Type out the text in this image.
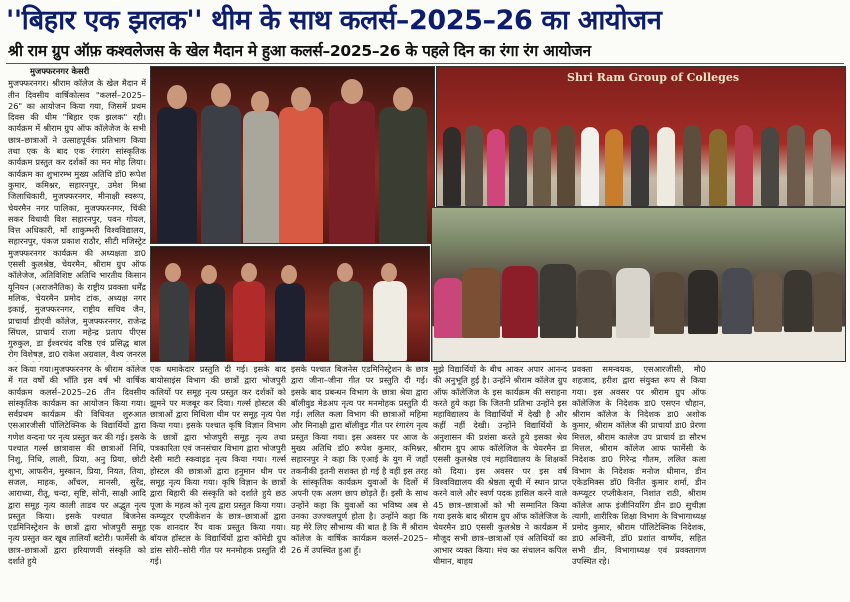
''बिहार एक झलक'' थीम के साथ कलर्स–2025–26 का आयोजन
श्री राम ग्रुप ऑफ़ कश्वलेजस के खेल मैदान मे हुआ कलर्स–2025–26 के पहले दिन का रंगा रंग आयोजन
मुजफ्फरनगर केसरी

मुजफ्फरनगर। श्रीराम कॉलेज के खेल मैदान में तीन दिवसीय वार्षिकोत्सव "कलर्स–2025–26" का आयोजन किया गया, जिसमें प्रथम दिवस की थीम "बिहार एक झलक" रही। कार्यक्रम में श्रीराम ग्रुप ऑफ कॉलेजेज के सभी छात्र–छात्राओं ने उत्साहपूर्वक प्रतिभाग किया तथा एक के बाद एक रंगारंग सांस्कृतिक कार्यक्रम प्रस्तुत कर दर्शकों का मन मोह लिया। कार्यक्रम का शुभारम्भ मुख्य अतिथि डॉ0 रूपेश कुमार, कमिश्नर, सहारनपुर, उमेश मिश्रा जिलाधिकारी, मुजफ्फरनगर, मीनाक्षी स्वरूप, चेयरमैन नगर पालिका, मुजफ्फरनगर, चिंकी सकर विधायी विश सहारनपुर, पवन गोयल, वित्त अधिकारी, माँ शाकुम्भरी विश्वविद्यालय, सहारनपुर, पंकज प्रकाश राठौर, सीटी मजिस्ट्रेट मुजफ्फरनगर कार्यक्रम की अध्यक्षता डा0 एससी कुलश्रेष्ठ, चेयरमैन, श्रीराम ग्रुप ऑफ कॉलेजेज, अतिविशिष्ट अतिथि भारतीय किसान यूनियन (अराजनैतिक) के राष्ट्रीय प्रवक्ता धर्मेंद्र मलिक, चेयरमैन प्रमोद टांक, अध्यक्ष नगर इकाई, मुजफ्फरनगर, राष्ट्रीय सचिव जैन, प्राचार्या डीएवी कॉलेज, मुजफ्फरनगर, राजेन्द्र सिंघल, प्राचार्य राजा महेन्द्र प्रताप पीएस गुरुकुल, डा ईश्वरचंद वरिष्ठ एवं प्रसिद्ध बाल रोग विशेषज्ञ, डा0 राकेश अग्रवाल, वैश्य जनरल

Shri Ram Group of Colleges

कर किया गया।मुजफ्फरनगर के श्रीराम कॉलेज में गत वर्षों की भाँति इस वर्ष भी वार्षिक कार्यक्रम कलर्स–2025–26 तीन दिवसीय सांस्कृतिक कार्यक्रम का आयोजन किया गया। सर्वप्रथम कार्यक्रम की विधिवत शुरुआत एसआरजीसी पॉलिटेक्निक के विद्यार्थियों द्वारा गणेश वन्दना पर नृत्य प्रस्तुत कर की गई। इसके पश्चात गर्ल्स छात्रावास की छात्राओं निधि, निशु, निधि, लाली, प्रिया, अनु प्रिया, छोटी शुभा, आफरीन, मुस्कान, प्रिया, नियत, तिया, सजल, माहक, आँचल, मानसी, सुरेंद्र, आराध्या, रीतू, चन्दा, सृष्टि, सोनी, साक्षी आदि द्वारा समूह नृत्य काली ताडव पर अद्भुत नृत्य प्रस्तुत किया। इसके पश्चात बिजनेस एडमिनिस्ट्रेशन के छात्रों द्वारा भोजपुरी समूह नृत्य प्रस्तुत कर खूब तालियाँ बटोरी। फार्मेसी के छात्र–छात्राओं द्वारा हरियाणवी संस्कृति को दर्शाते हुये

एक धमाकेदार प्रस्तुति दी गई। इसके बाद बायोसाइंस विभाग की छात्रों द्वारा भोजपुरी कलियों पर समूह नृत्य प्रस्तुत कर दर्शकों को झूमने पर मजबूर कर दिया। गर्ल्स होस्टल की छात्राओं द्वारा मिथिला थीम पर समूह नृत्य पेश किया गया। इसके पश्चात कृषि विज्ञान विभाग के छात्रों द्वारा भोजपुरी समूह नृत्य तथा पत्रकारिता एवं जनसंचार विभाग द्वारा भोजपुरी देसी माटी स्कवाइड नृत्य किया गया। गर्ल्स होस्टल की छात्राओं द्वारा हनुमान थीम पर समूह नृत्य किया गया। कृषि विज्ञान के छात्रों द्वारा बिहारी की संस्कृति को दर्शाते हुये छठ पूजा के महत्व को नृत्य द्वारा प्रस्तुत किया गया। कम्प्यूटर एप्लीकेशन के छात्र–छात्राओं द्वारा एक शानदार रैंप वाक प्रस्तुत किया गया। बॉयज हॉस्टल के विद्यार्थियों द्वारा कॉमेडी ग्रुप डांस सोरी–सोरी गीत पर मनमोहक प्रस्तुति दी गई।

इसके पश्चात बिजनेस एडमिनिस्ट्रेशन के छात्र द्वारा जीना–जीना गीत पर प्रस्तुति दी गई। इसके बाद प्रबन्धन विभाग के छात्रा श्रेया द्वारा बॉलीवुड मेडअप नृत्य पर मनमोहक प्रस्तुति दी गई। ललित कला विभाग की छात्राओं महिमा और मिनाक्षी द्वारा बॉलीवुड गीत पर रंगारंग नृत्य प्रस्तुत किया गया। इस अवसर पर आज के मुख्य अतिथि डॉ0 रूपेश कुमार, कमिश्नर, सहारनपुर ने कहा कि एआई के युग में जहाँ तकनीकी इतनी सशक्त हो गई है वहीं इस तरह के सांस्कृतिक कार्यक्रम युवाओं के दिलों में अपनी एक अलग छाप छोड़ते हैं। इसी के साथ उन्होंने कहा कि युवाओं का भविष्य अब से उनका उज्ज्वलपूर्ण होता है। उन्होंने कहा कि यह मेरे लिए सौभाग्य की बात है कि मैं श्रीराम कॉलेज के वार्षिक कार्यक्रम कलर्स–2025–26 में उपस्थित हुआ हूँ।

मुझे विद्यार्थियों के बीच आकर अपार आनन्द की अनुभूति हुई है। उन्होंने श्रीराम कॉलेज ग्रुप ऑफ कॉलेजिज के इस कार्यक्रम की सराहना करते हुये कहा कि जितनी प्रतिभा उन्होंने इस महाविद्यालय के विद्यार्थियों में देखी है और कहीं नहीं देखी। उन्होंने विद्यार्थियों के अनुशासन की प्रशंसा करते हुये इसका श्रेय श्रीराम ग्रुप आफ कॉलेजिज के चेयरमैन डा एससी कुलश्रेष्ठ एवं महाविद्यालय के शिक्षकों को दिया। इस अवसर पर इस वर्ष विश्वविद्यालय की श्रेष्ठता सूची में स्थान प्राप्त करने वाले और स्वर्ण पदक हासिल करने वाले 45 छात्र–छात्राओं को भी सम्मानित किया गया इसके बाद श्रीराम ग्रुप ऑफ कॉलेजिज के चेयरमैन डा0 एससी कुलश्रेष्ठ ने कार्यक्रम में मौजूद सभी छात्र–छात्राओं एवं अतिथियों का आभार व्यक्त किया। मंच का संचालन कपिल धीमान, बाहय

प्रवक्ता समन्वयक, एसआरजीसी, मौ0 शहजाद, हरीश द्वारा संयुक्त रूप से किया गया। इस अवसर पर श्रीराम ग्रुप ऑफ कॉलेजिज के निदेशक डा0 एसएन चौहान, श्रीराम कॉलेज के निदेशक डा0 अशोक कुमार, श्रीराम कॉलेज की प्राचार्या डा0 प्रेरणा मित्तल, श्रीराम कालेज उप प्राचार्य डा सौरभ मित्तल, श्रीराम कॉलेज आफ फार्मेसी के निदेशक डा0 गिरेन्द्र गौतम, ललित कला विभाग के निदेशक मनोज धीमान, डीन एकेडमिक्स डॉ0 विनीत कुमार शर्मा, डीन कम्प्यूटर एप्लीकेशन, निशांत राठी, श्रीराम कॉलेज आफ इंजीनियरिंग डीन डा0 सुचीज्ञा त्यागी, शारीरिक शिक्षा विभाग के विभागाध्यक्ष प्रमोद कुमार, श्रीराम पॉलिटेक्निक निदेशक, डा0 अश्विनी, डॉ0 प्रशांत वार्ष्णेय, सहित सभी डीन, विभागाध्यक्ष एवं प्रवक्तागण उपस्थित रहे।
